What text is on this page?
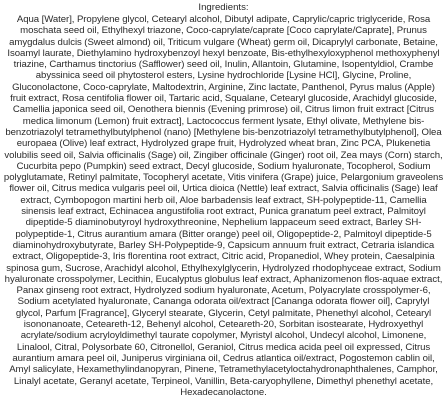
Ingredients:

Aqua [Water], Propylene glycol, Cetearyl alcohol, Dibutyl adipate, Caprylic/capric triglyceride, Rosa moschata seed oil, Ethylhexyl triazone, Coco-caprylate/caprate [Coco caprylate/Caprate], Prunus amygdalus dulcis (Sweet almond) oil, Triticum vulgare (Wheat) germ oil, Dicaprylyl carbonate, Betaine, Isoamyl laurate, Diethylamino hydroxybenzoyl hexyl benzoate, Bis-ethylhexyloxyphenol methoxyphenyl triazine, Carthamus tinctorius (Safflower) seed oil, Inulin, Allantoin, Glutamine, Isopentyldiol, Crambe abyssinica seed oil phytosterol esters, Lysine hydrochloride [Lysine HCl], Glycine, Proline, Gluconolactone, Coco-caprylate, Maltodextrin, Arginine, Zinc lactate, Panthenol, Pyrus malus (Apple) fruit extract, Rosa centifolia flower oil, Tartaric acid, Squalane, Cetearyl glucoside, Arachidyl glucoside, Camellia japonica seed oil, Oenothera biennis (Evening primrose) oil, Citrus limon fruit extract [Citrus medica limonum (Lemon) fruit extract], Lactococcus ferment lysate, Ethyl olivate, Methylene bis-benzotriazolyl tetramethylbutylphenol (nano) [Methylene bis-benzotriazolyl tetramethylbutylphenol], Olea europaea (Olive) leaf extract, Hydrolyzed grape fruit, Hydrolyzed wheat bran, Zinc PCA, Plukenetia volubilis seed oil, Salvia officinalis (Sage) oil, Zingiber officinale (Ginger) root oil, Zea mays (Corn) starch, Cucurbita pepo (Pumpkin) seed extract, Decyl glucoside, Sodium hyaluronate, Tocopherol, Sodium polyglutamate, Retinyl palmitate, Tocopheryl acetate, Vitis vinifera (Grape) juice, Pelargonium graveolens flower oil, Citrus medica vulgaris peel oil, Urtica dioica (Nettle) leaf extract, Salvia officinalis (Sage) leaf extract, Cymbopogon martini herb oil, Aloe barbadensis leaf extract, SH-polypeptide-11, Camellia sinensis leaf extract, Echinacea angustifolia root extract, Punica granatum peel extract, Palmitoyl dipeptide-5 diaminobutyroyl hydroxythreonine, Nephelium lappaceum seed extract, Barley SH-polypeptide-1, Citrus aurantium amara (Bitter orange) peel oil, Oligopeptide-2, Palmitoyl dipeptide-5 diaminohydroxybutyrate, Barley SH-Polypeptide-9, Capsicum annuum fruit extract, Cetraria islandica extract, Oligopeptide-3, Iris florentina root extract, Citric acid, Propanediol, Whey protein, Caesalpinia spinosa gum, Sucrose, Arachidyl alcohol, Ethylhexylglycerin, Hydrolyzed rhodophyceae extract, Sodium hyaluronate crosspolymer, Lecithin, Eucalyptus globulus leaf extract, Aphanizomenon flos-aquae extract, Panax ginseng root extract, Hydrolyzed sodium hyaluronate, Acetum, Polyacrylate crosspolymer-6, Sodium acetylated hyaluronate, Cananga odorata oil/extract [Cananga odorata flower oil], Caprylyl glycol, Parfum [Fragrance], Glyceryl stearate, Glycerin, Cetyl palmitate, Phenethyl alcohol, Cetearyl isononanoate, Ceteareth-12, Behenyl alcohol, Ceteareth-20, Sorbitan isostearate, Hydroxyethyl acrylate/sodium acryloyldimethyl taurate copolymer, Myristyl alcohol, Undecyl alcohol, Limonene, Linalool, Citral, Polysorbate 60, Citronellol, Geraniol, Citrus medica acida peel oil expressed, Citrus aurantium amara peel oil, Juniperus virginiana oil, Cedrus atlantica oil/extract, Pogostemon cablin oil, Amyl salicylate, Hexamethylindanopyran, Pinene, Tetramethylacetyloctahydronaphthalenes, Camphor, Linalyl acetate, Geranyl acetate, Terpineol, Vanillin, Beta-caryophyllene, Dimethyl phenethyl acetate, Hexadecanolactone.
